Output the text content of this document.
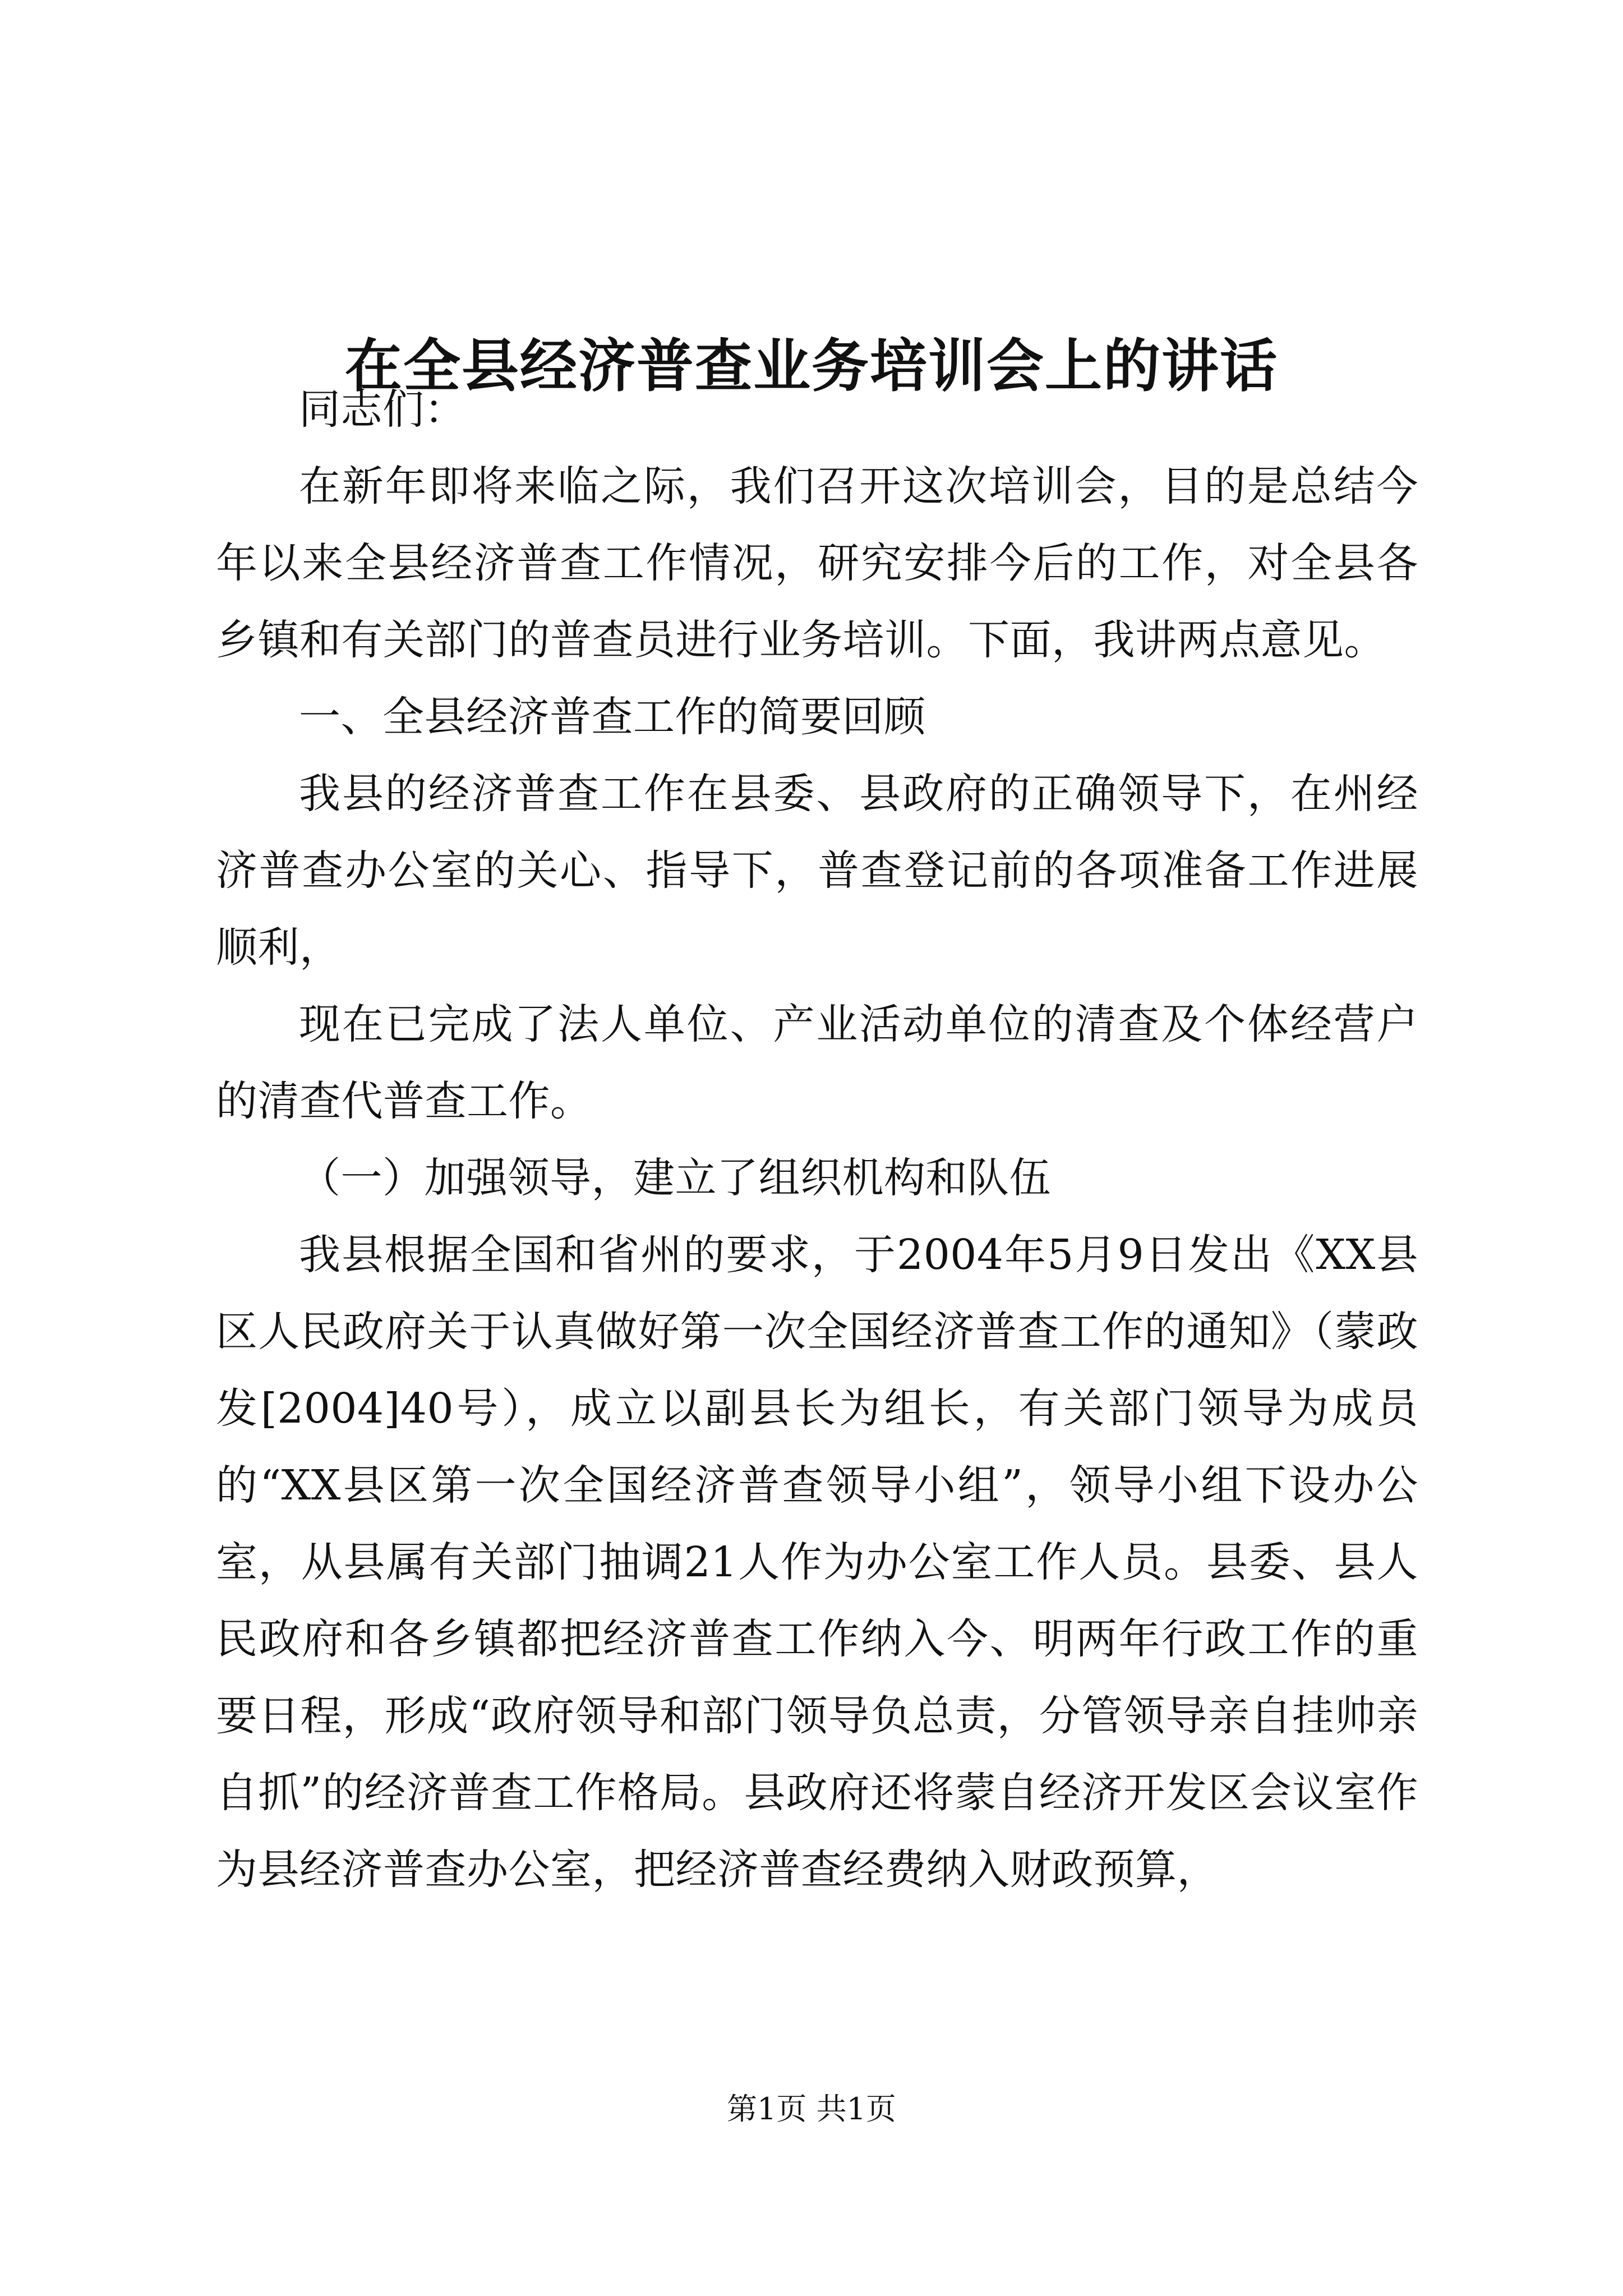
在全县经济普查业务培训会上的讲话

同志们：

在新年即将来临之际，我们召开这次培训会，目的是总结今年以来全县经济普查工作情况，研究安排今后的工作，对全县各乡镇和有关部门的普查员进行业务培训。下面，我讲两点意见。

一、全县经济普查工作的简要回顾

我县的经济普查工作在县委、县政府的正确领导下，在州经济普查办公室的关心、指导下，普查登记前的各项准备工作进展顺利，

现在已完成了法人单位、产业活动单位的清查及个体经营户的清查代普查工作。

（一）加强领导，建立了组织机构和队伍

我县根据全国和省州的要求，于2004年5月9日发出《XX县区人民政府关于认真做好第一次全国经济普查工作的通知》（蒙政发[2004]40号），成立以副县长为组长，有关部门领导为成员的“XX县区第一次全国经济普查领导小组”，领导小组下设办公室，从县属有关部门抽调21人作为办公室工作人员。县委、县人民政府和各乡镇都把经济普查工作纳入今、明两年行政工作的重要日程，形成“政府领导和部门领导负总责，分管领导亲自挂帅亲自抓”的经济普查工作格局。县政府还将蒙自经济开发区会议室作为县经济普查办公室，把经济普查经费纳入财政预算，

第1页 共1页
